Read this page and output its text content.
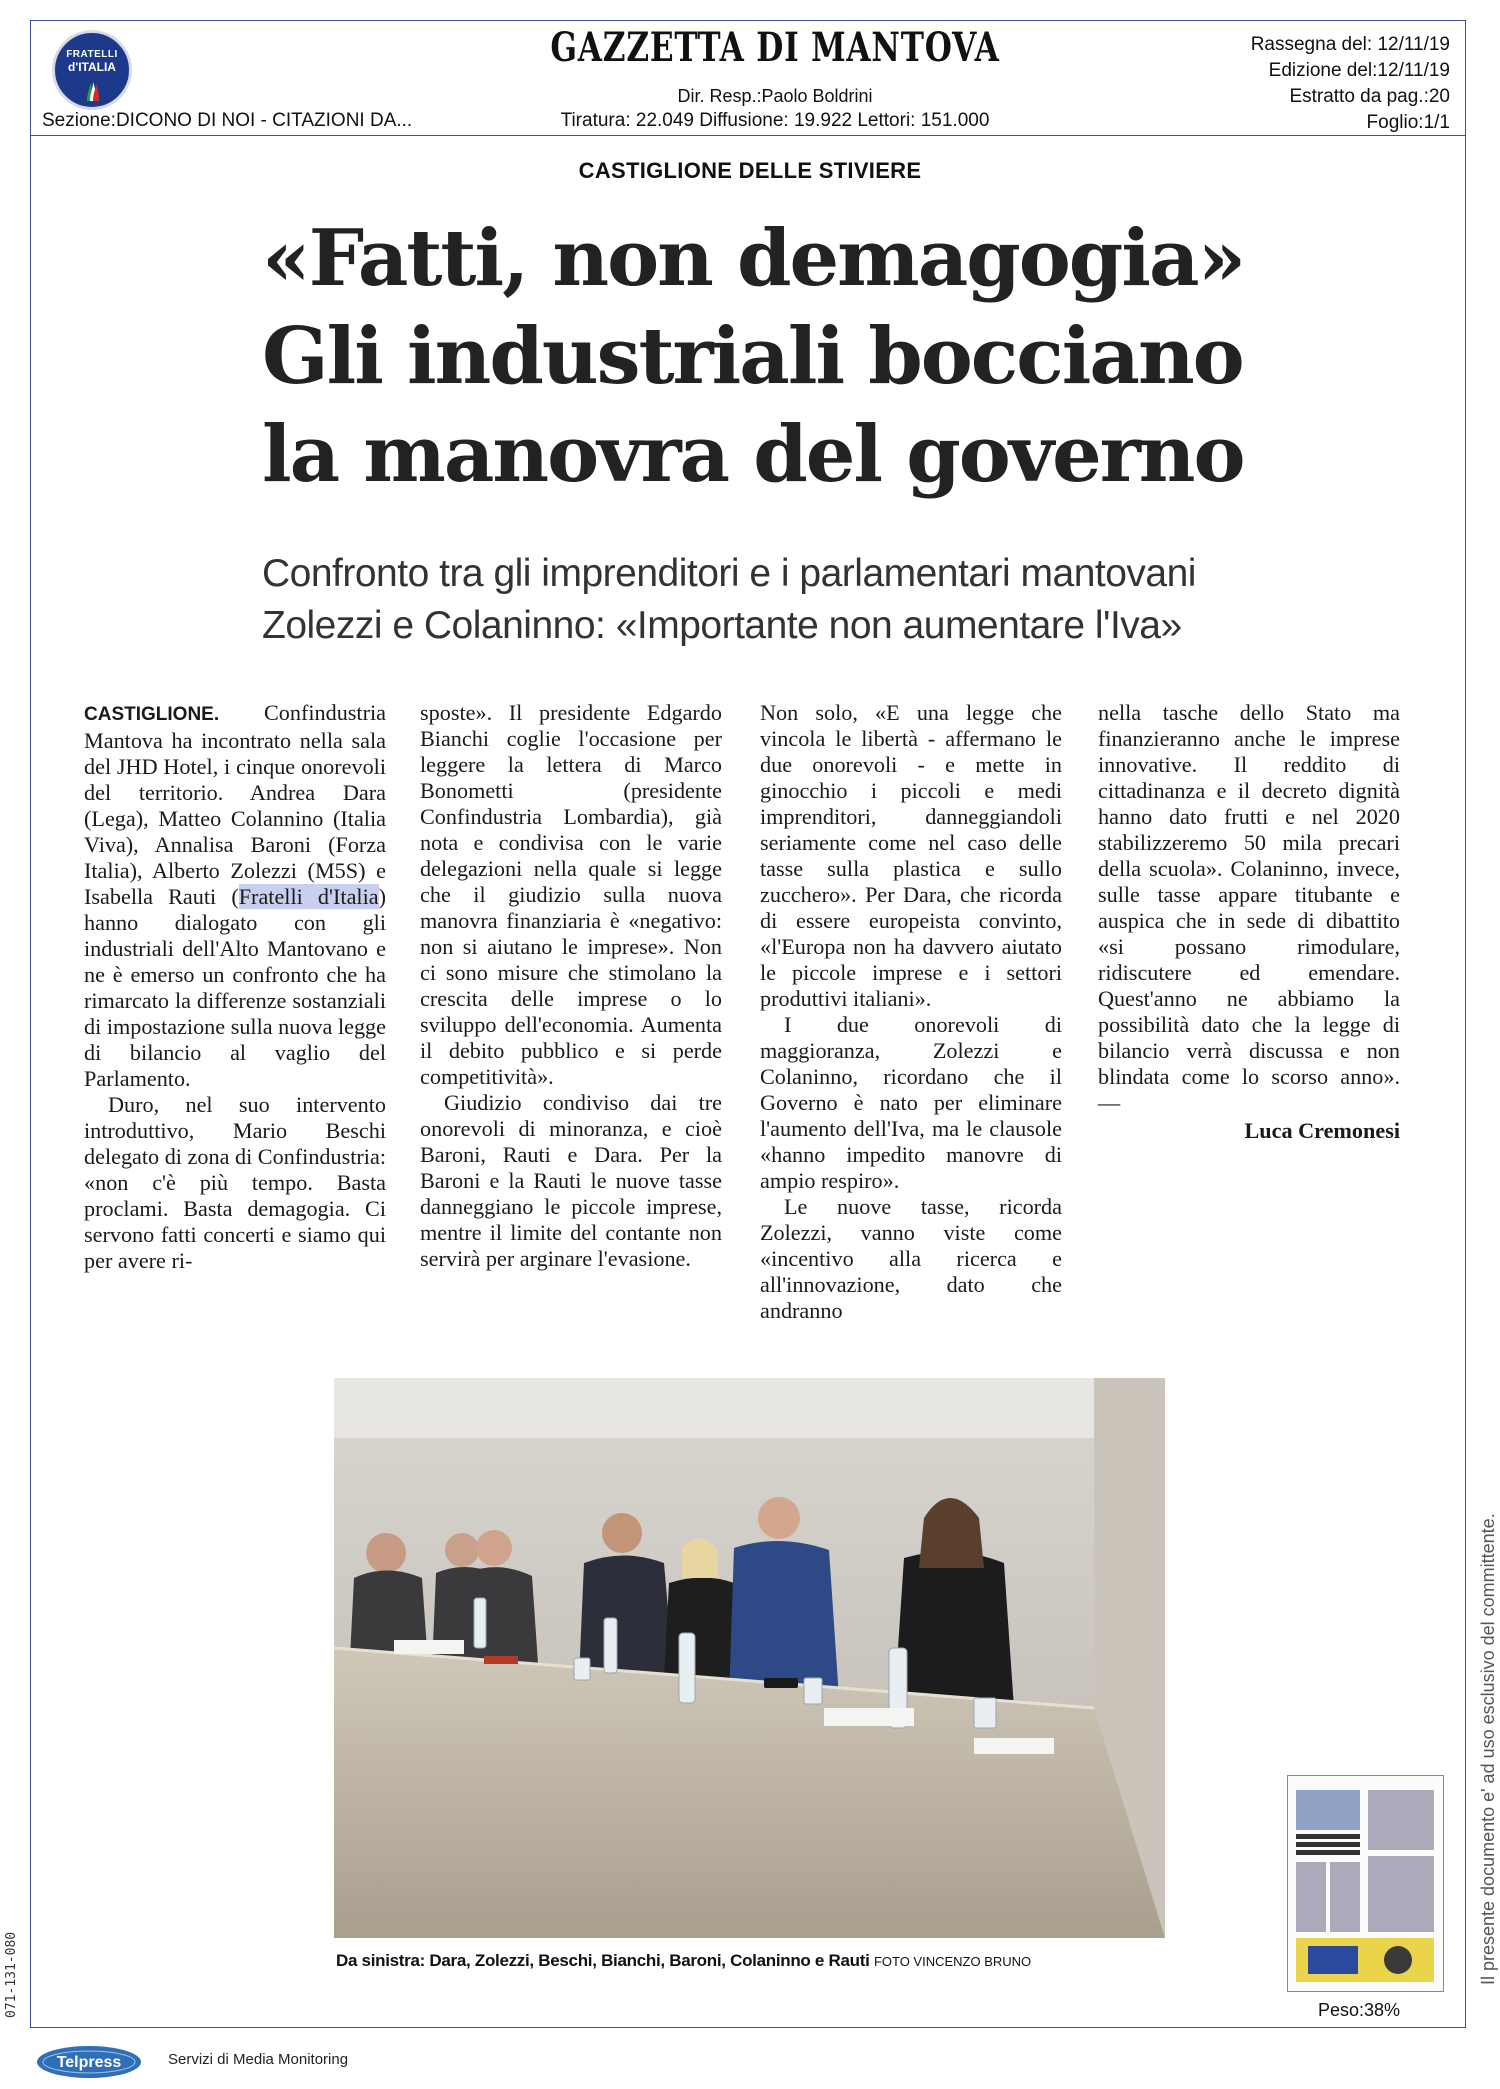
FRATELLI
d'ITALIA	GAZZETTA DI MANTOVA
Dir. Resp.:Paolo Boldrini
Tiratura: 22.049 Diffusione: 19.922 Lettori: 151.000
Sezione:DICONO DI NOI - CITAZIONI DA...
Rassegna del: 12/11/19
Edizione del:12/11/19
Estratto da pag.:20
Foglio:1/1
CASTIGLIONE DELLE STIVIERE
«Fatti, non demagogia»
Gli industriali bocciano
la manovra del governo
Confronto tra gli imprenditori e i parlamentari mantovani
Zolezzi e Colaninno: «Importante non aumentare l'Iva»

CASTIGLIONE. Confindustria Mantova ha incontrato nella sala del JHD Hotel, i cinque onorevoli del territorio. Andrea Dara (Lega), Matteo Colannino (Italia Viva), Annalisa Baroni (Forza Italia), Alberto Zolezzi (M5S) e Isabella Rauti (Fratelli d'Italia) hanno dialogato con gli industriali dell'Alto Mantovano e ne è emerso un confronto che ha rimarcato la differenze sostanziali di impostazione sulla nuova legge di bilancio al vaglio del Parlamento.

Duro, nel suo intervento introduttivo, Mario Beschi delegato di zona di Confindustria: «non c'è più tempo. Basta proclami. Basta demagogia. Ci servono fatti concerti e siamo qui per avere ri-

sposte». Il presidente Edgardo Bianchi coglie l'occasione per leggere la lettera di Marco Bonometti (presidente Confindustria Lombardia), già nota e condivisa con le varie delegazioni nella quale si legge che il giudizio sulla nuova manovra finanziaria è «negativo: non si aiutano le imprese». Non ci sono misure che stimolano la crescita delle imprese o lo sviluppo dell'economia. Aumenta il debito pubblico e si perde competitività».

Giudizio condiviso dai tre onorevoli di minoranza, e cioè Baroni, Rauti e Dara. Per la Baroni e la Rauti le nuove tasse danneggiano le piccole imprese, mentre il limite del contante non servirà per arginare l'evasione.

Non solo, «E una legge che vincola le libertà - affermano le due onorevoli - e mette in ginocchio i piccoli e medi imprenditori, danneggiandoli seriamente come nel caso delle tasse sulla plastica e sullo zucchero». Per Dara, che ricorda di essere europeista convinto, «l'Europa non ha davvero aiutato le piccole imprese e i settori produttivi italiani».

I due onorevoli di maggioranza, Zolezzi e Colaninno, ricordano che il Governo è nato per eliminare l'aumento dell'Iva, ma le clausole «hanno impedito manovre di ampio respiro».

Le nuove tasse, ricorda Zolezzi, vanno viste come «incentivo alla ricerca e all'innovazione, dato che andranno

nella tasche dello Stato ma finanzieranno anche le imprese innovative. Il reddito di cittadinanza e il decreto dignità hanno dato frutti e nel 2020 stabilizzeremo 50 mila precari della scuola». Colaninno, invece, sulle tasse appare titubante e auspica che in sede di dibattito «si possano rimodulare, ridiscutere ed emendare. Quest'anno ne abbiamo la possibilità dato che la legge di bilancio verrà discussa e non blindata come lo scorso anno». —

Luca Cremonesi
Da sinistra: Dara, Zolezzi, Beschi, Bianchi, Baroni, Colaninno e Rauti FOTO VINCENZO BRUNO
Peso:38%
Il presente documento e' ad uso esclusivo del committente.
071-131-080
Telpress	Servizi di Media Monitoring
